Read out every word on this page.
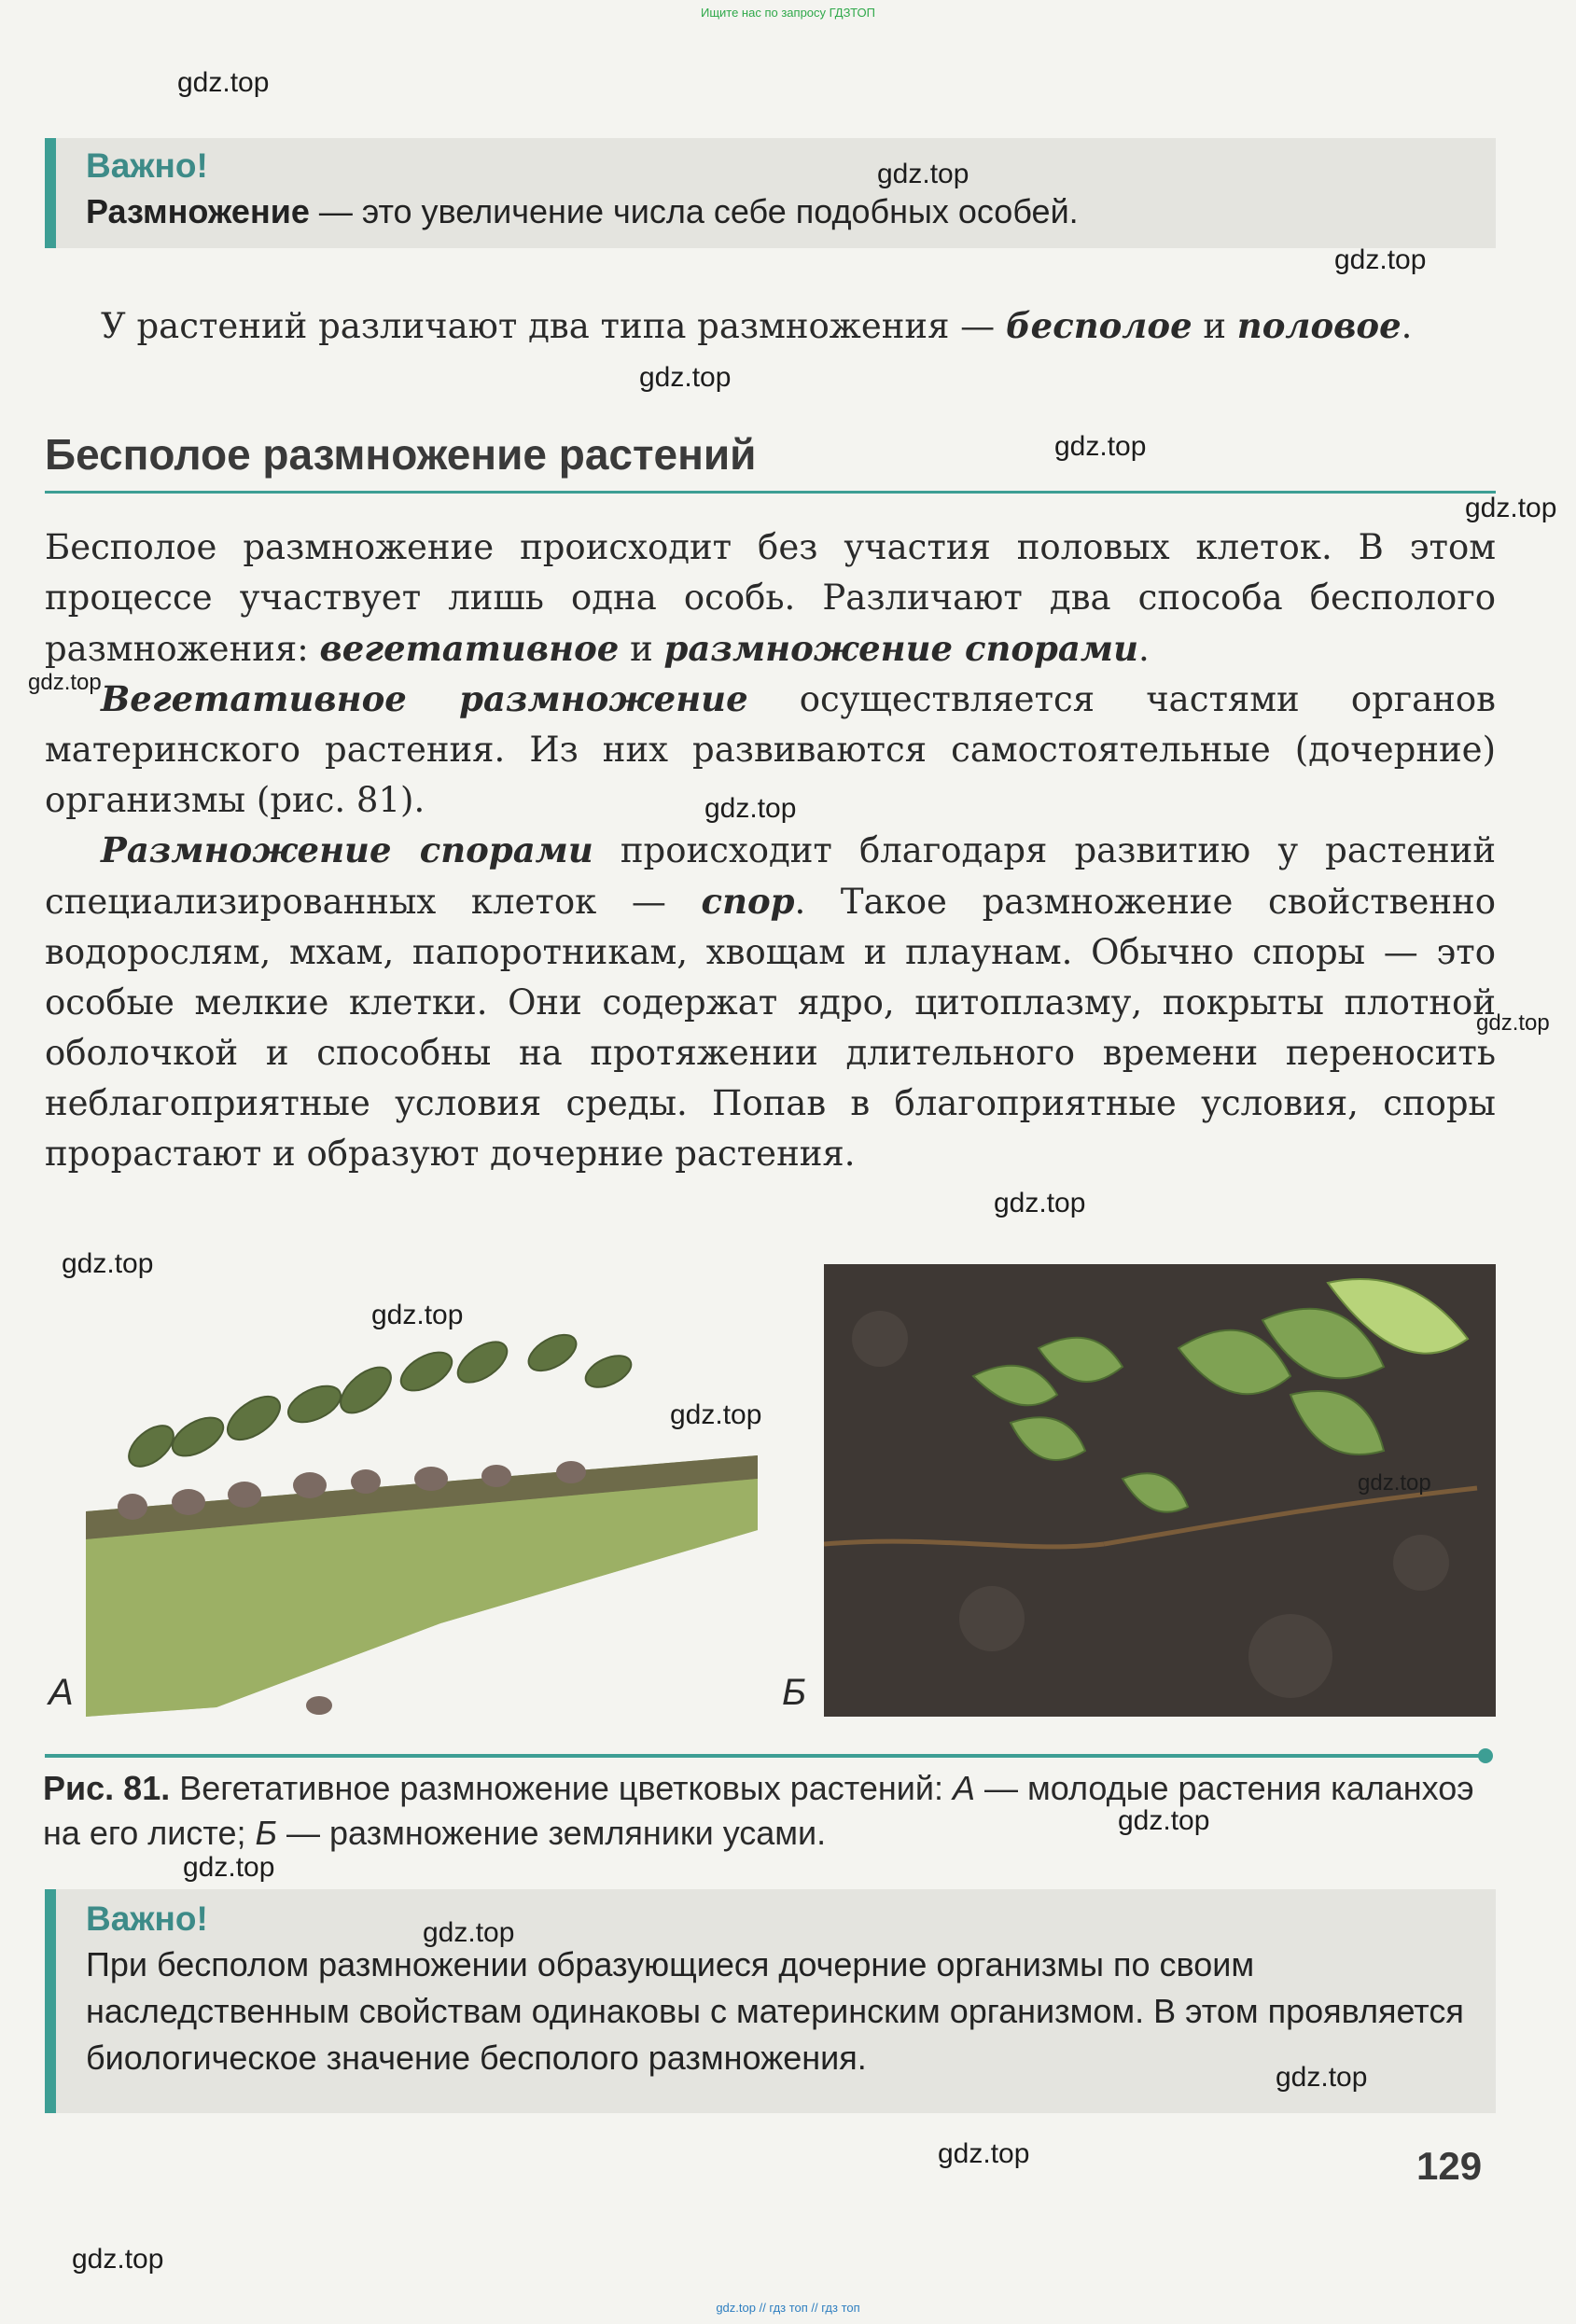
Ищите нас по запросу ГДЗТОП
Важно!
Размножение — это увеличение числа себе подобных особей.
У растений различают два типа размножения — бесполое и половое.
Бесполое размножение растений
Бесполое размножение происходит без участия половых клеток. В этом процессе участвует лишь одна особь. Различают два способа бесполого размножения: вегетативное и размножение спорами.
Вегетативное размножение осуществляется частями органов материнского растения. Из них развиваются самостоятельные (дочерние) организмы (рис. 81).
Размножение спорами происходит благодаря развитию у растений специализированных клеток — спор. Такое размножение свойственно водорослям, мхам, папоротникам, хвощам и плаунам. Обычно споры — это особые мелкие клетки. Они содержат ядро, цитоплазму, покрыты плотной оболочкой и способны на протяжении длительного времени переносить неблагоприятные условия среды. Попав в благоприятные условия, споры прорастают и образуют дочерние растения.
А	Б
Рис. 81. Вегетативное размножение цветковых растений: А — молодые растения каланхоэ на его листе; Б — размножение земляники усами.
Важно!
При бесполом размножении образующиеся дочерние организмы по своим наследственным свойствам одинаковы с материнским организмом. В этом проявляется биологическое значение бесполого размножения.
129
gdz.top
gdz.top
gdz.top
gdz.top
gdz.top
gdz.top
gdz.top
gdz.top
gdz.top
gdz.top
gdz.top
gdz.top
gdz.top
gdz.top
gdz.top
gdz.top
gdz.top
gdz.top
gdz.top
gdz.top
gdz.top // гдз топ // гдз топ
